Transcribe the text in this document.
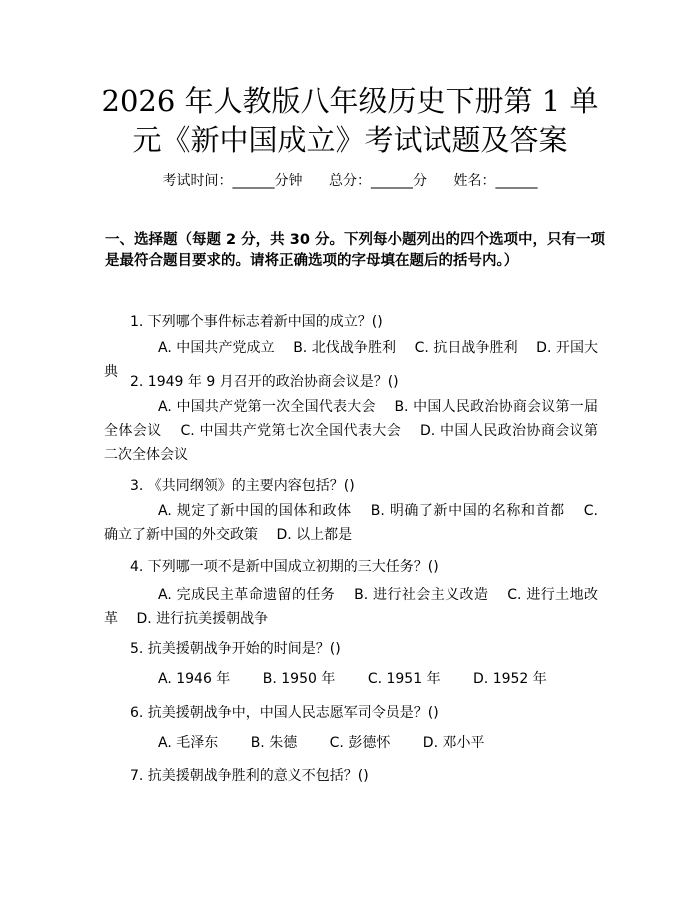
2026 年人教版八年级历史下册第 1 单元《新中国成立》考试试题及答案
考试时间：______分钟 总分：______分 姓名：______
一、选择题（每题 2 分，共 30 分。下列每小题列出的四个选项中，只有一项是最符合题目要求的。请将正确选项的字母填在题后的括号内。）
1. 下列哪个事件标志着新中国的成立？()
A. 中国共产党成立  B. 北伐战争胜利  C. 抗日战争胜利  D. 开国大典
2. 1949 年 9 月召开的政治协商会议是？()
A. 中国共产党第一次全国代表大会  B. 中国人民政治协商会议第一届全体会议  C. 中国共产党第七次全国代表大会  D. 中国人民政治协商会议第二次全体会议
3. 《共同纲领》的主要内容包括？()
A. 规定了新中国的国体和政体  B. 明确了新中国的名称和首都  C. 确立了新中国的外交政策  D. 以上都是
4. 下列哪一项不是新中国成立初期的三大任务？()
A. 完成民主革命遗留的任务  B. 进行社会主义改造  C. 进行土地改革  D. 进行抗美援朝战争
5. 抗美援朝战争开始的时间是？()
A. 1946 年   B. 1950 年   C. 1951 年   D. 1952 年
6. 抗美援朝战争中，中国人民志愿军司令员是？()
A. 毛泽东   B. 朱德   C. 彭德怀   D. 邓小平
7. 抗美援朝战争胜利的意义不包括？()
